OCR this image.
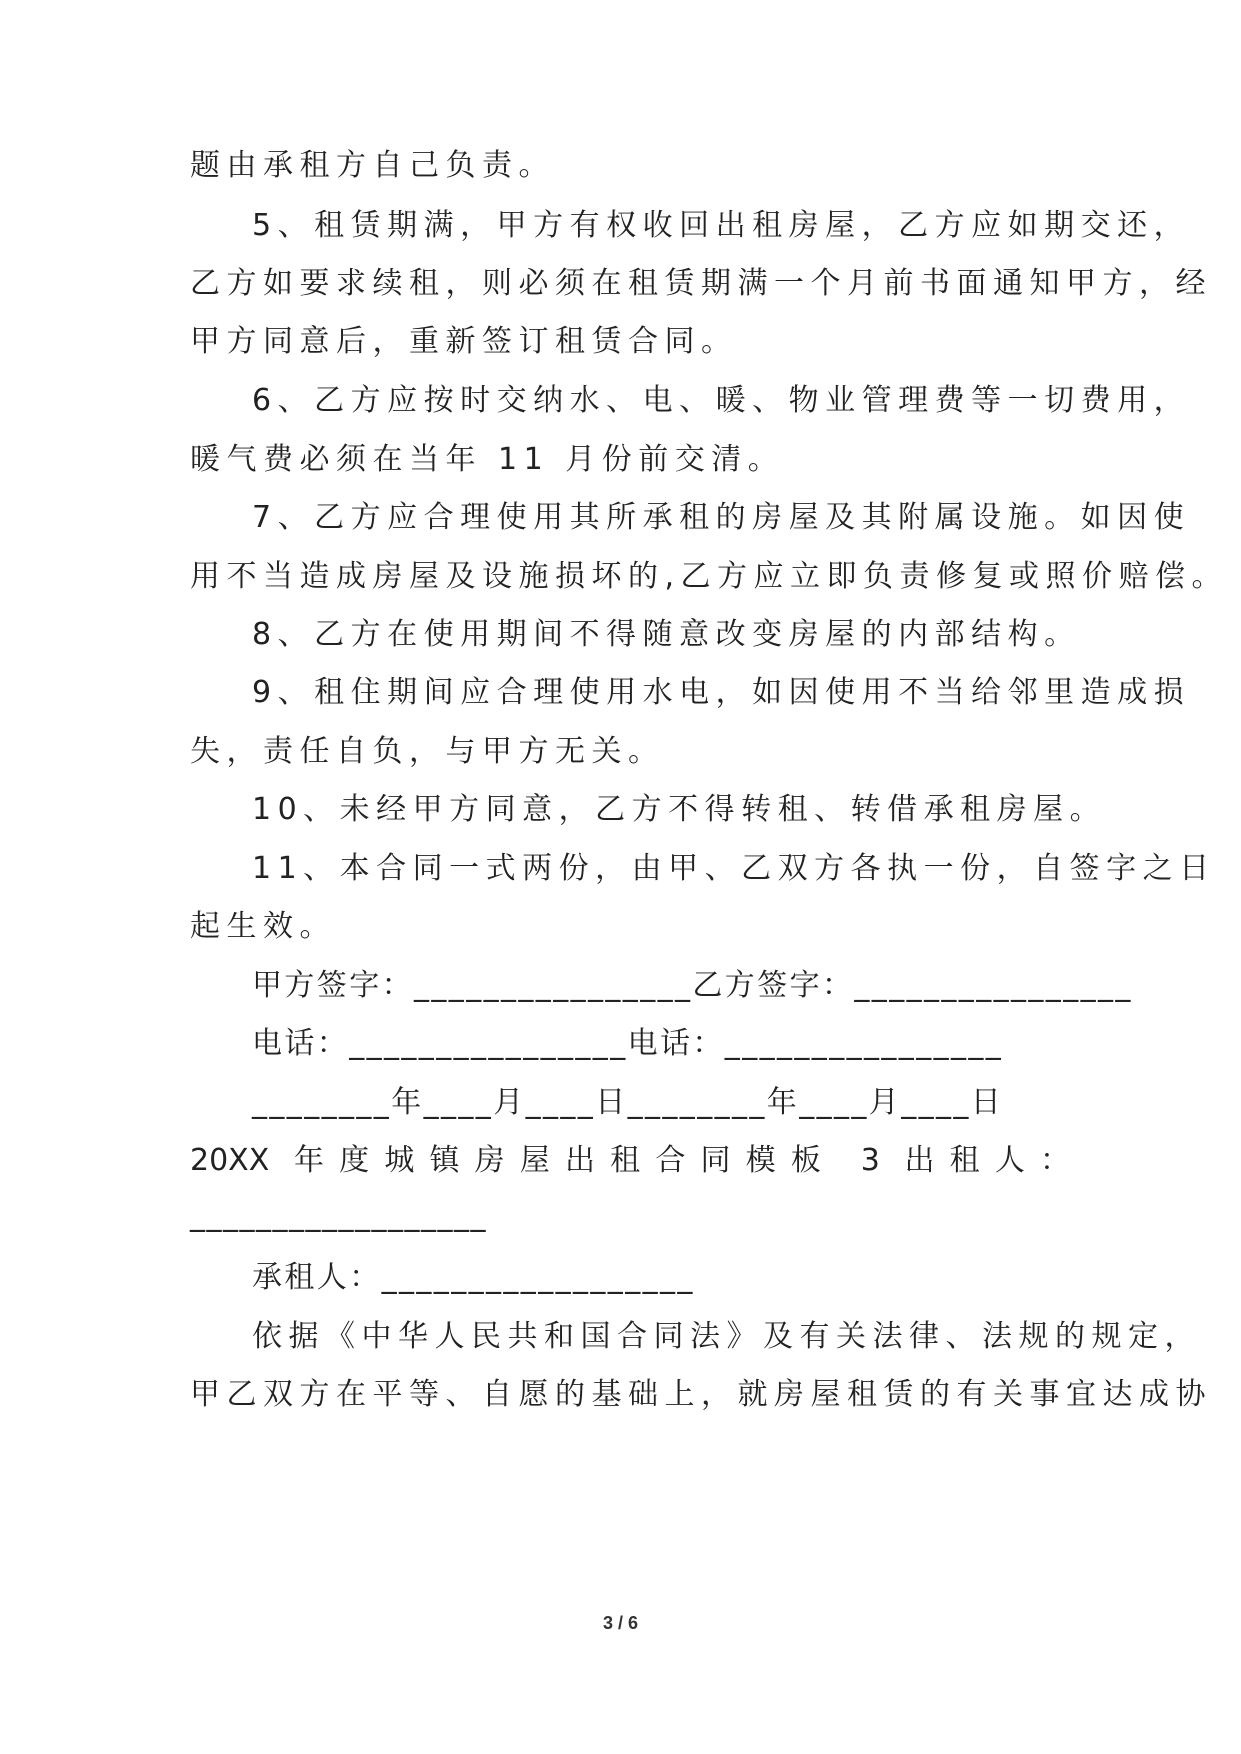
题由承租方自己负责。
5、租赁期满，甲方有权收回出租房屋，乙方应如期交还，
乙方如要求续租，则必须在租赁期满一个月前书面通知甲方，经
甲方同意后，重新签订租赁合同。
6、乙方应按时交纳水、电、暖、物业管理费等一切费用，
暖气费必须在当年 11 月份前交清。
7、乙方应合理使用其所承租的房屋及其附属设施。如因使
用不当造成房屋及设施损坏的,乙方应立即负责修复或照价赔偿。
8、乙方在使用期间不得随意改变房屋的内部结构。
9、租住期间应合理使用水电，如因使用不当给邻里造成损
失，责任自负，与甲方无关。
10、未经甲方同意，乙方不得转租、转借承租房屋。
11、本合同一式两份，由甲、乙双方各执一份，自签字之日
起生效。
甲方签字：________________乙方签字：________________
电话：________________电话：________________
________年____月____日________年____月____日
20XX 年度城镇房屋出租合同模板 3 出租人：
__________________
承租人：__________________
依据《中华人民共和国合同法》及有关法律、法规的规定，
甲乙双方在平等、自愿的基础上，就房屋租赁的有关事宜达成协
3 / 6
